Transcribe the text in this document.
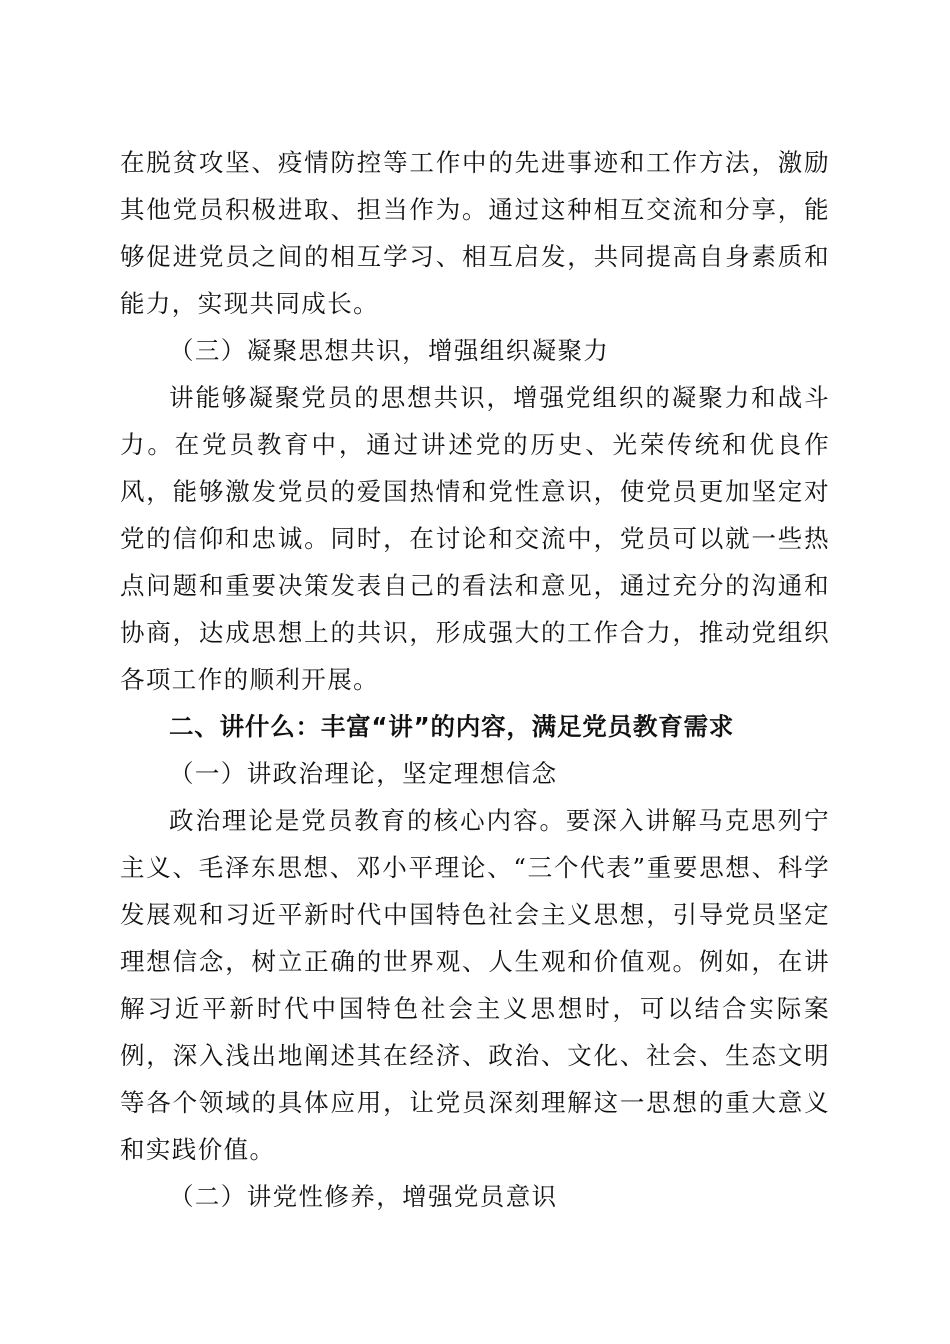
在脱贫攻坚、疫情防控等工作中的先进事迹和工作方法，激励其他党员积极进取、担当作为。通过这种相互交流和分享，能够促进党员之间的相互学习、相互启发，共同提高自身素质和能力，实现共同成长。

（三）凝聚思想共识，增强组织凝聚力

讲能够凝聚党员的思想共识，增强党组织的凝聚力和战斗力。在党员教育中，通过讲述党的历史、光荣传统和优良作风，能够激发党员的爱国热情和党性意识，使党员更加坚定对党的信仰和忠诚。同时，在讨论和交流中，党员可以就一些热点问题和重要决策发表自己的看法和意见，通过充分的沟通和协商，达成思想上的共识，形成强大的工作合力，推动党组织各项工作的顺利开展。

二、讲什么：丰富“讲”的内容，满足党员教育需求

（一）讲政治理论，坚定理想信念

政治理论是党员教育的核心内容。要深入讲解马克思列宁主义、毛泽东思想、邓小平理论、“三个代表”重要思想、科学发展观和习近平新时代中国特色社会主义思想，引导党员坚定理想信念，树立正确的世界观、人生观和价值观。例如，在讲解习近平新时代中国特色社会主义思想时，可以结合实际案例，深入浅出地阐述其在经济、政治、文化、社会、生态文明等各个领域的具体应用，让党员深刻理解这一思想的重大意义和实践价值。

（二）讲党性修养，增强党员意识
